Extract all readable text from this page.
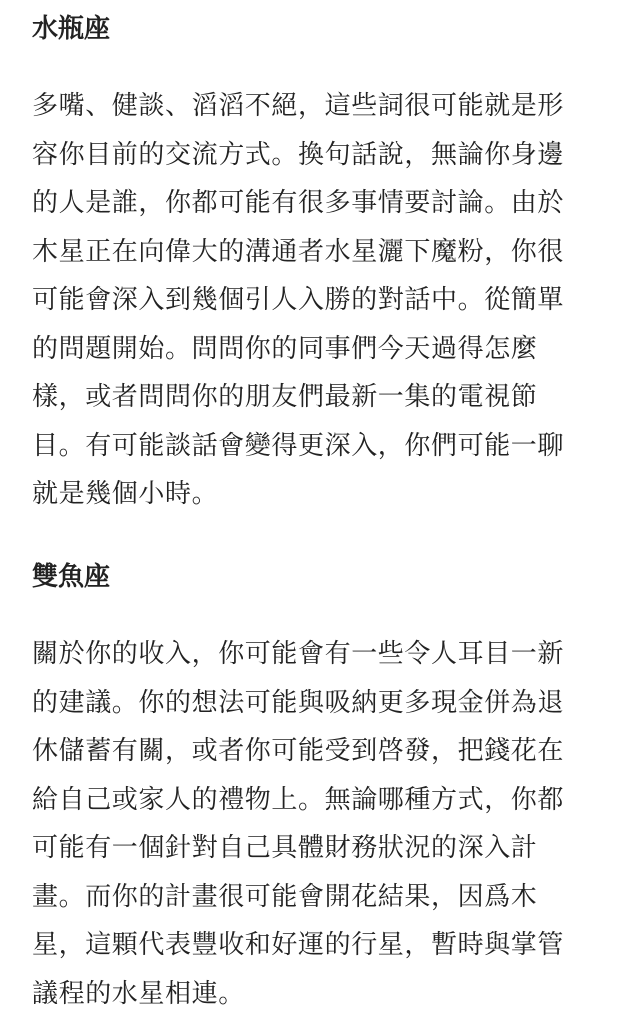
水瓶座
多嘴、健談、滔滔不絕，這些詞很可能就是形
容你目前的交流方式。換句話說，無論你身邊
的人是誰，你都可能有很多事情要討論。由於
木星正在向偉大的溝通者水星灑下魔粉，你很
可能會深入到幾個引人入勝的對話中。從簡單
的問題開始。問問你的同事們今天過得怎麼
樣，或者問問你的朋友們最新一集的電視節
目。有可能談話會變得更深入，你們可能一聊
就是幾個小時。
雙魚座
關於你的收入，你可能會有一些令人耳目一新
的建議。你的想法可能與吸納更多現金併為退
休儲蓄有關，或者你可能受到啓發，把錢花在
給自己或家人的禮物上。無論哪種方式，你都
可能有一個針對自己具體財務狀況的深入計
畫。而你的計畫很可能會開花結果，因爲木
星，這顆代表豐收和好運的行星，暫時與掌管
議程的水星相連。
